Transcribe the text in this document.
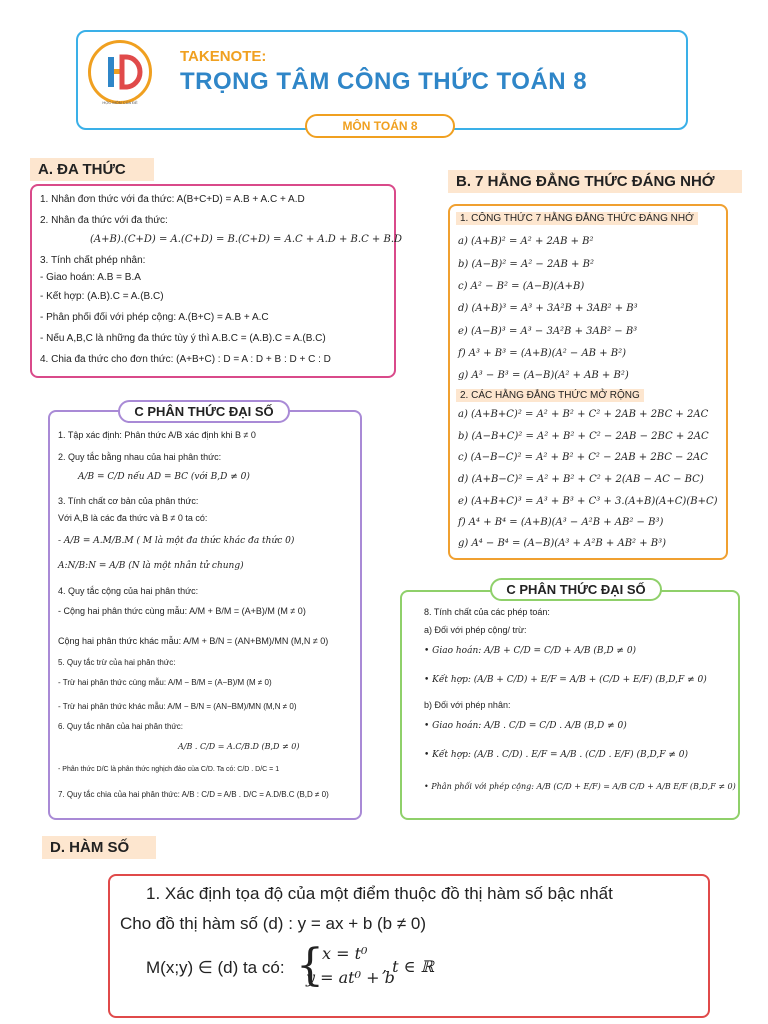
HỌC MÔN CỦA ĐỀ
TAKENOTE:
TRỌNG TÂM CÔNG THỨC TOÁN 8
MÔN TOÁN 8
A. ĐA THỨC
1. Nhân đơn thức với đa thức: A(B+C+D) = A.B + A.C + A.D
2. Nhân đa thức với đa thức:
(A+B).(C+D) = A.(C+D) = B.(C+D) = A.C + A.D + B.C + B.D
3. Tính chất phép nhân:
- Giao hoán: A.B = B.A
- Kết hợp: (A.B).C = A.(B.C)
- Phân phối đối với phép cộng: A.(B+C) = A.B + A.C
- Nếu A,B,C là những đa thức tùy ý thì A.B.C = (A.B).C = A.(B.C)
4. Chia đa thức cho đơn thức: (A+B+C) : D = A : D + B : D + C : D
B. 7 HẰNG ĐẲNG THỨC ĐÁNG NHỚ
1. CÔNG THỨC 7 HẰNG ĐẲNG THỨC ĐÁNG NHỚ
a) (A+B)² = A² + 2AB + B²
b) (A−B)² = A² − 2AB + B²
c) A² − B² = (A−B)(A+B)
d) (A+B)³ = A³ + 3A²B + 3AB² + B³
e) (A−B)³ = A³ − 3A²B + 3AB² − B³
f) A³ + B³ = (A+B)(A² − AB + B²)
g) A³ − B³ = (A−B)(A² + AB + B²)
2. CÁC HẰNG ĐẲNG THỨC MỞ RỘNG
a) (A+B+C)² = A² + B² + C² + 2AB + 2BC + 2AC
b) (A−B+C)² = A² + B² + C² − 2AB − 2BC + 2AC
c) (A−B−C)² = A² + B² + C² − 2AB + 2BC − 2AC
d) (A+B−C)² = A² + B² + C² + 2(AB − AC − BC)
e) (A+B+C)³ = A³ + B³ + C³ + 3.(A+B)(A+C)(B+C)
f) A⁴ + B⁴ = (A+B)(A³ − A²B + AB² − B³)
g) A⁴ − B⁴ = (A−B)(A³ + A²B + AB² + B³)
C PHÂN THỨC ĐẠI SỐ
1. Tập xác định: Phân thức A/B xác định khi B ≠ 0
2. Quy tắc bằng nhau của hai phân thức:
A/B = C/D nếu AD = BC (với B,D ≠ 0)
3. Tính chất cơ bản của phân thức:
Với A,B là các đa thức và B ≠ 0 ta có:
- A/B = A.M/B.M ( M là một đa thức khác đa thức 0)
A:N/B:N = A/B (N là một nhân tử chung)
4. Quy tắc cộng của hai phân thức:
- Cộng hai phân thức cùng mẫu: A/M + B/M = (A+B)/M (M ≠ 0)
Cộng hai phân thức khác mẫu: A/M + B/N = (AN+BM)/MN (M,N ≠ 0)
5. Quy tắc trừ của hai phân thức:
- Trừ hai phân thức cùng mẫu: A/M − B/M = (A−B)/M (M ≠ 0)
- Trừ hai phân thức khác mẫu: A/M − B/N = (AN−BM)/MN (M,N ≠ 0)
6. Quy tắc nhân của hai phân thức:
A/B . C/D = A.C/B.D (B,D ≠ 0)
- Phân thức D/C là phân thức nghịch đảo của C/D. Ta có: C/D . D/C = 1
7. Quy tắc chia của hai phân thức: A/B : C/D = A/B . D/C = A.D/B.C (B,D ≠ 0)
C PHÂN THỨC ĐẠI SỐ
8. Tính chất của các phép toán:
a) Đối với phép cộng/ trừ:
• Giao hoán: A/B + C/D = C/D + A/B (B,D ≠ 0)
• Kết hợp: (A/B + C/D) + E/F = A/B + (C/D + E/F) (B,D,F ≠ 0)
b) Đối với phép nhân:
• Giao hoán: A/B . C/D = C/D . A/B (B,D ≠ 0)
• Kết hợp: (A/B . C/D) . E/F = A/B . (C/D . E/F) (B,D,F ≠ 0)
• Phân phối với phép cộng: A/B (C/D + E/F) = A/B C/D + A/B E/F (B,D,F ≠ 0)
D. HÀM SỐ
1. Xác định tọa độ của một điểm thuộc đồ thị hàm số bậc nhất
Cho đồ thị hàm số (d) : y = ax + b (b ≠ 0)
M(x;y) ∈ (d) ta có: {
x = t⁰
y = at⁰ + b
, t ∈ ℝ
